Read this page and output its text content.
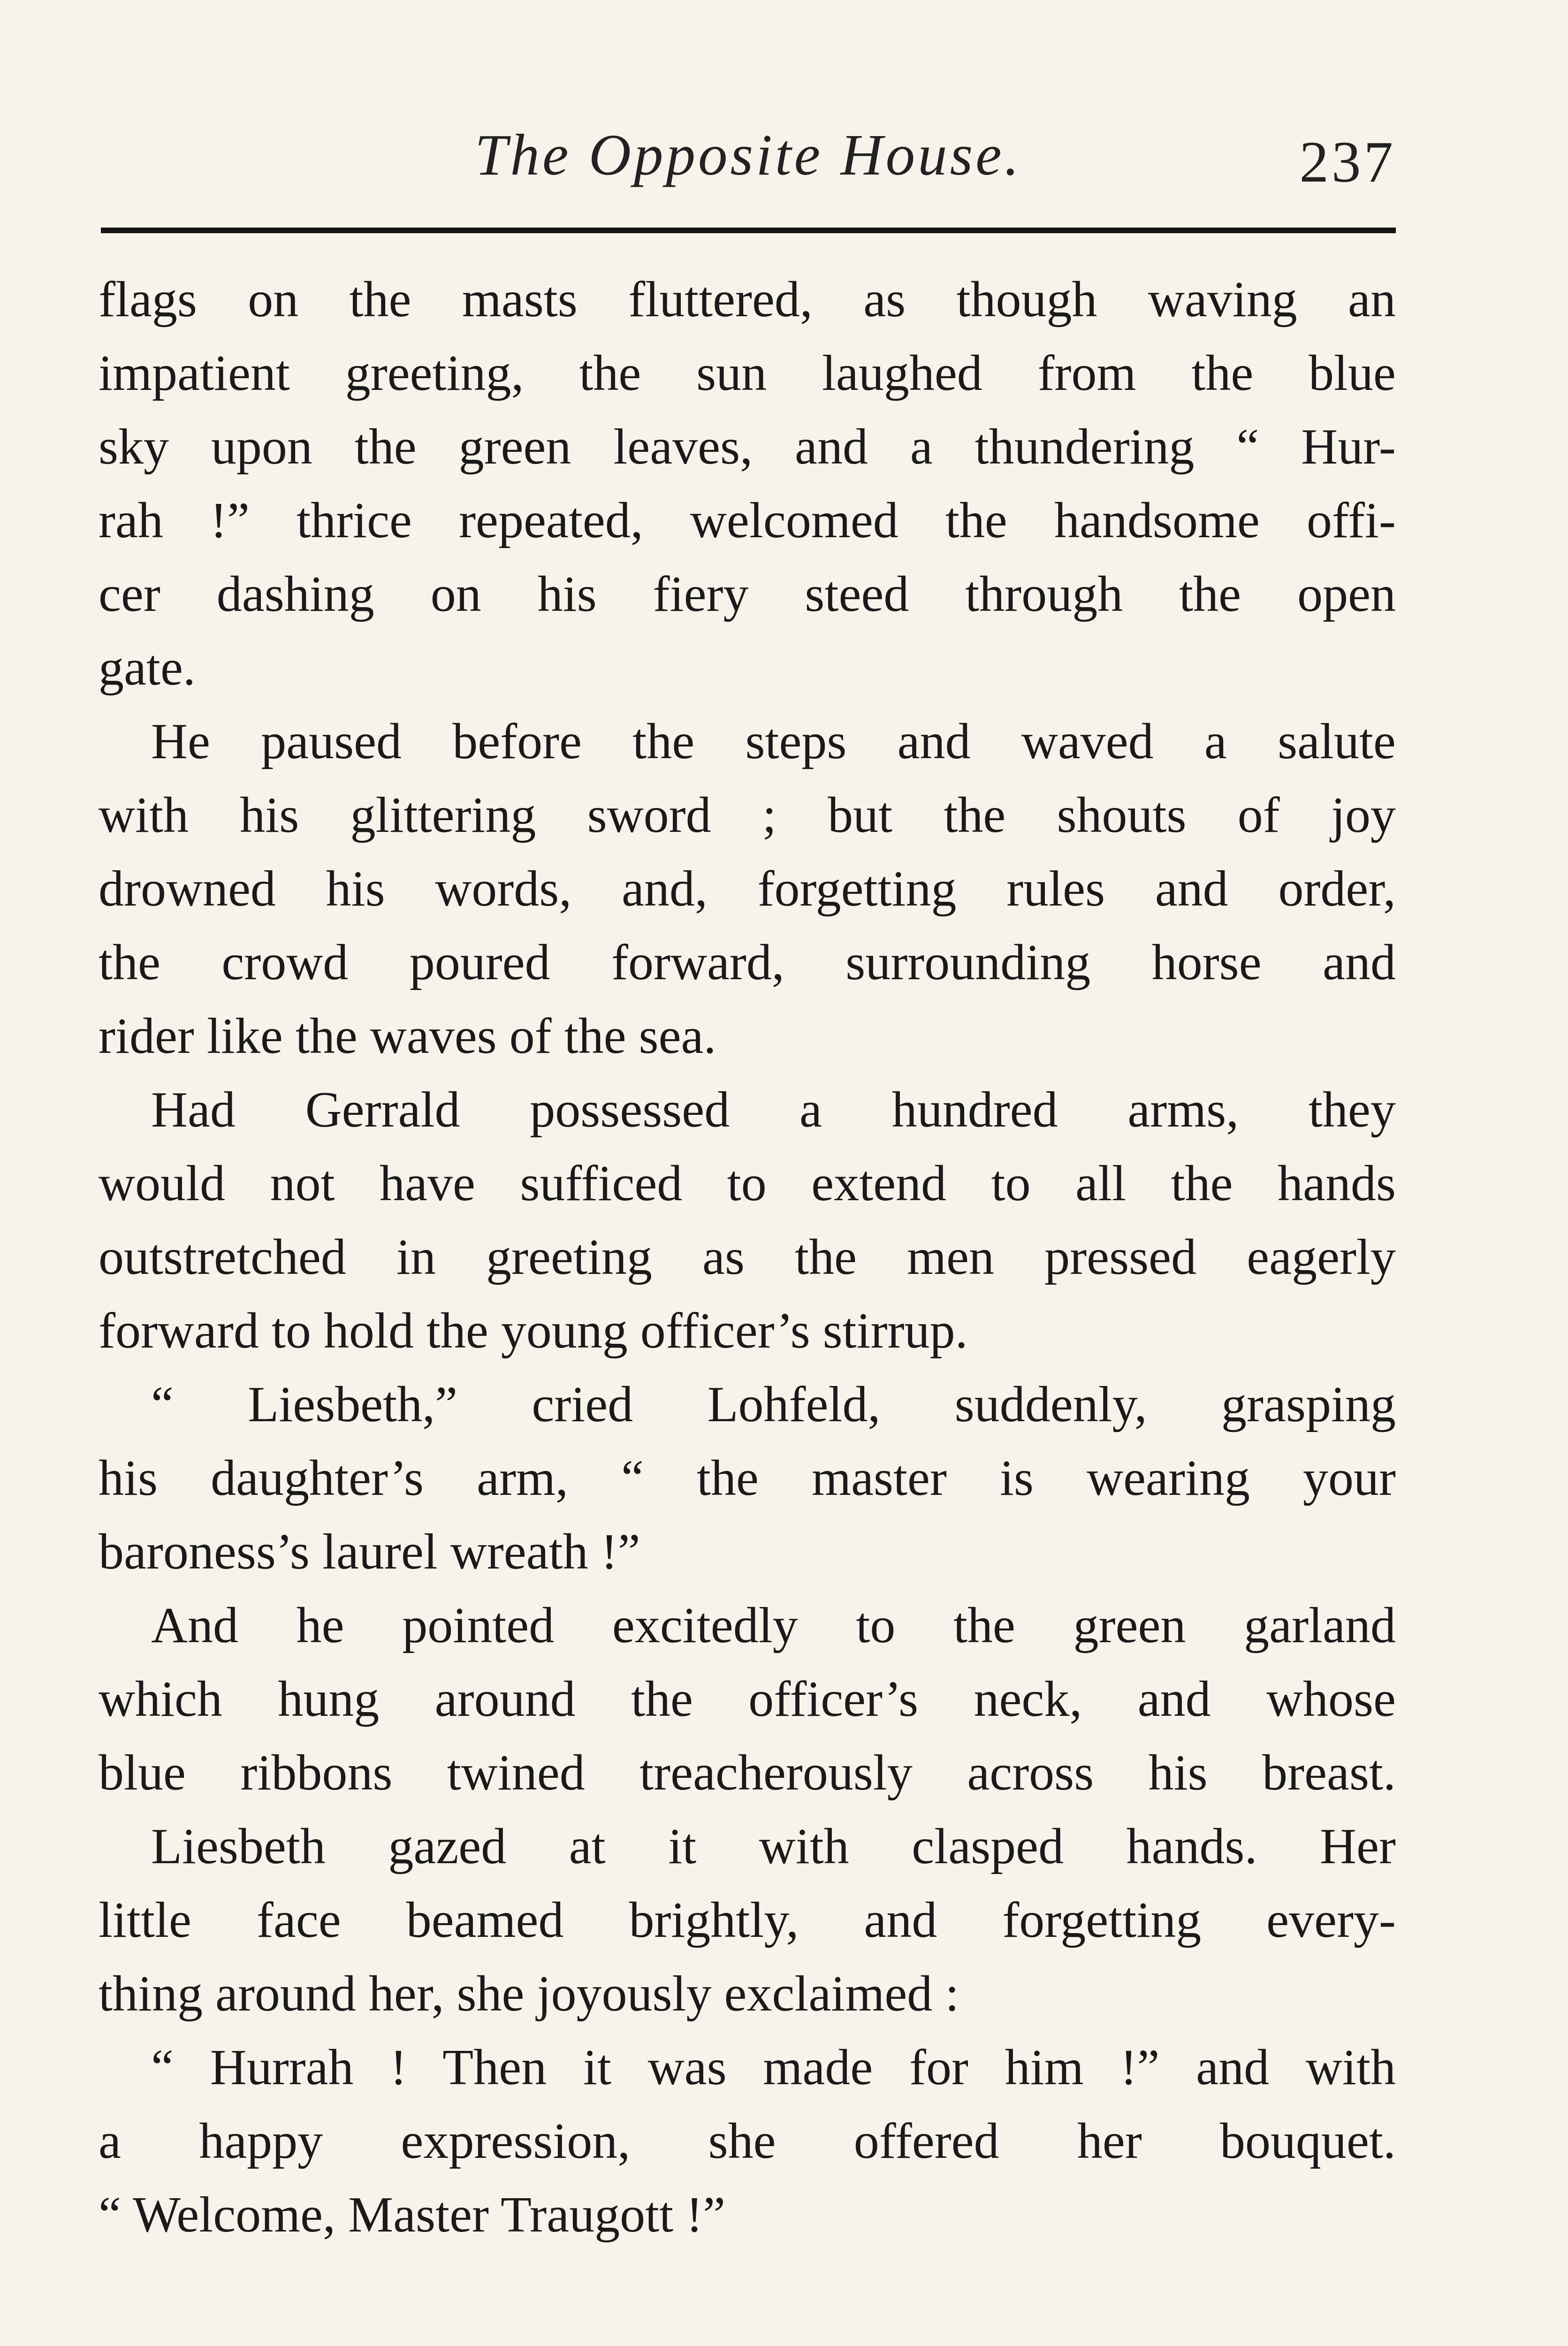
The Opposite House.	237
flags on the masts fluttered, as though waving an
impatient greeting, the sun laughed from the blue
sky upon the green leaves, and a thundering “ Hur-
rah !” thrice repeated, welcomed the handsome offi-
cer dashing on his fiery steed through the open
gate.
He paused before the steps and waved a salute
with his glittering sword ; but the shouts of joy
drowned his words, and, forgetting rules and order,
the crowd poured forward, surrounding horse and
rider like the waves of the sea.
Had Gerrald possessed a hundred arms, they
would not have sufficed to extend to all the hands
outstretched in greeting as the men pressed eagerly
forward to hold the young officer’s stirrup.
“ Liesbeth,” cried Lohfeld, suddenly, grasping
his daughter’s arm, “ the master is wearing your
baroness’s laurel wreath !”
And he pointed excitedly to the green garland
which hung around the officer’s neck, and whose
blue ribbons twined treacherously across his breast.
Liesbeth gazed at it with clasped hands. Her
little face beamed brightly, and forgetting every-
thing around her, she joyously exclaimed :
“ Hurrah ! Then it was made for him !” and with
a happy expression, she offered her bouquet.
“ Welcome, Master Traugott !”
